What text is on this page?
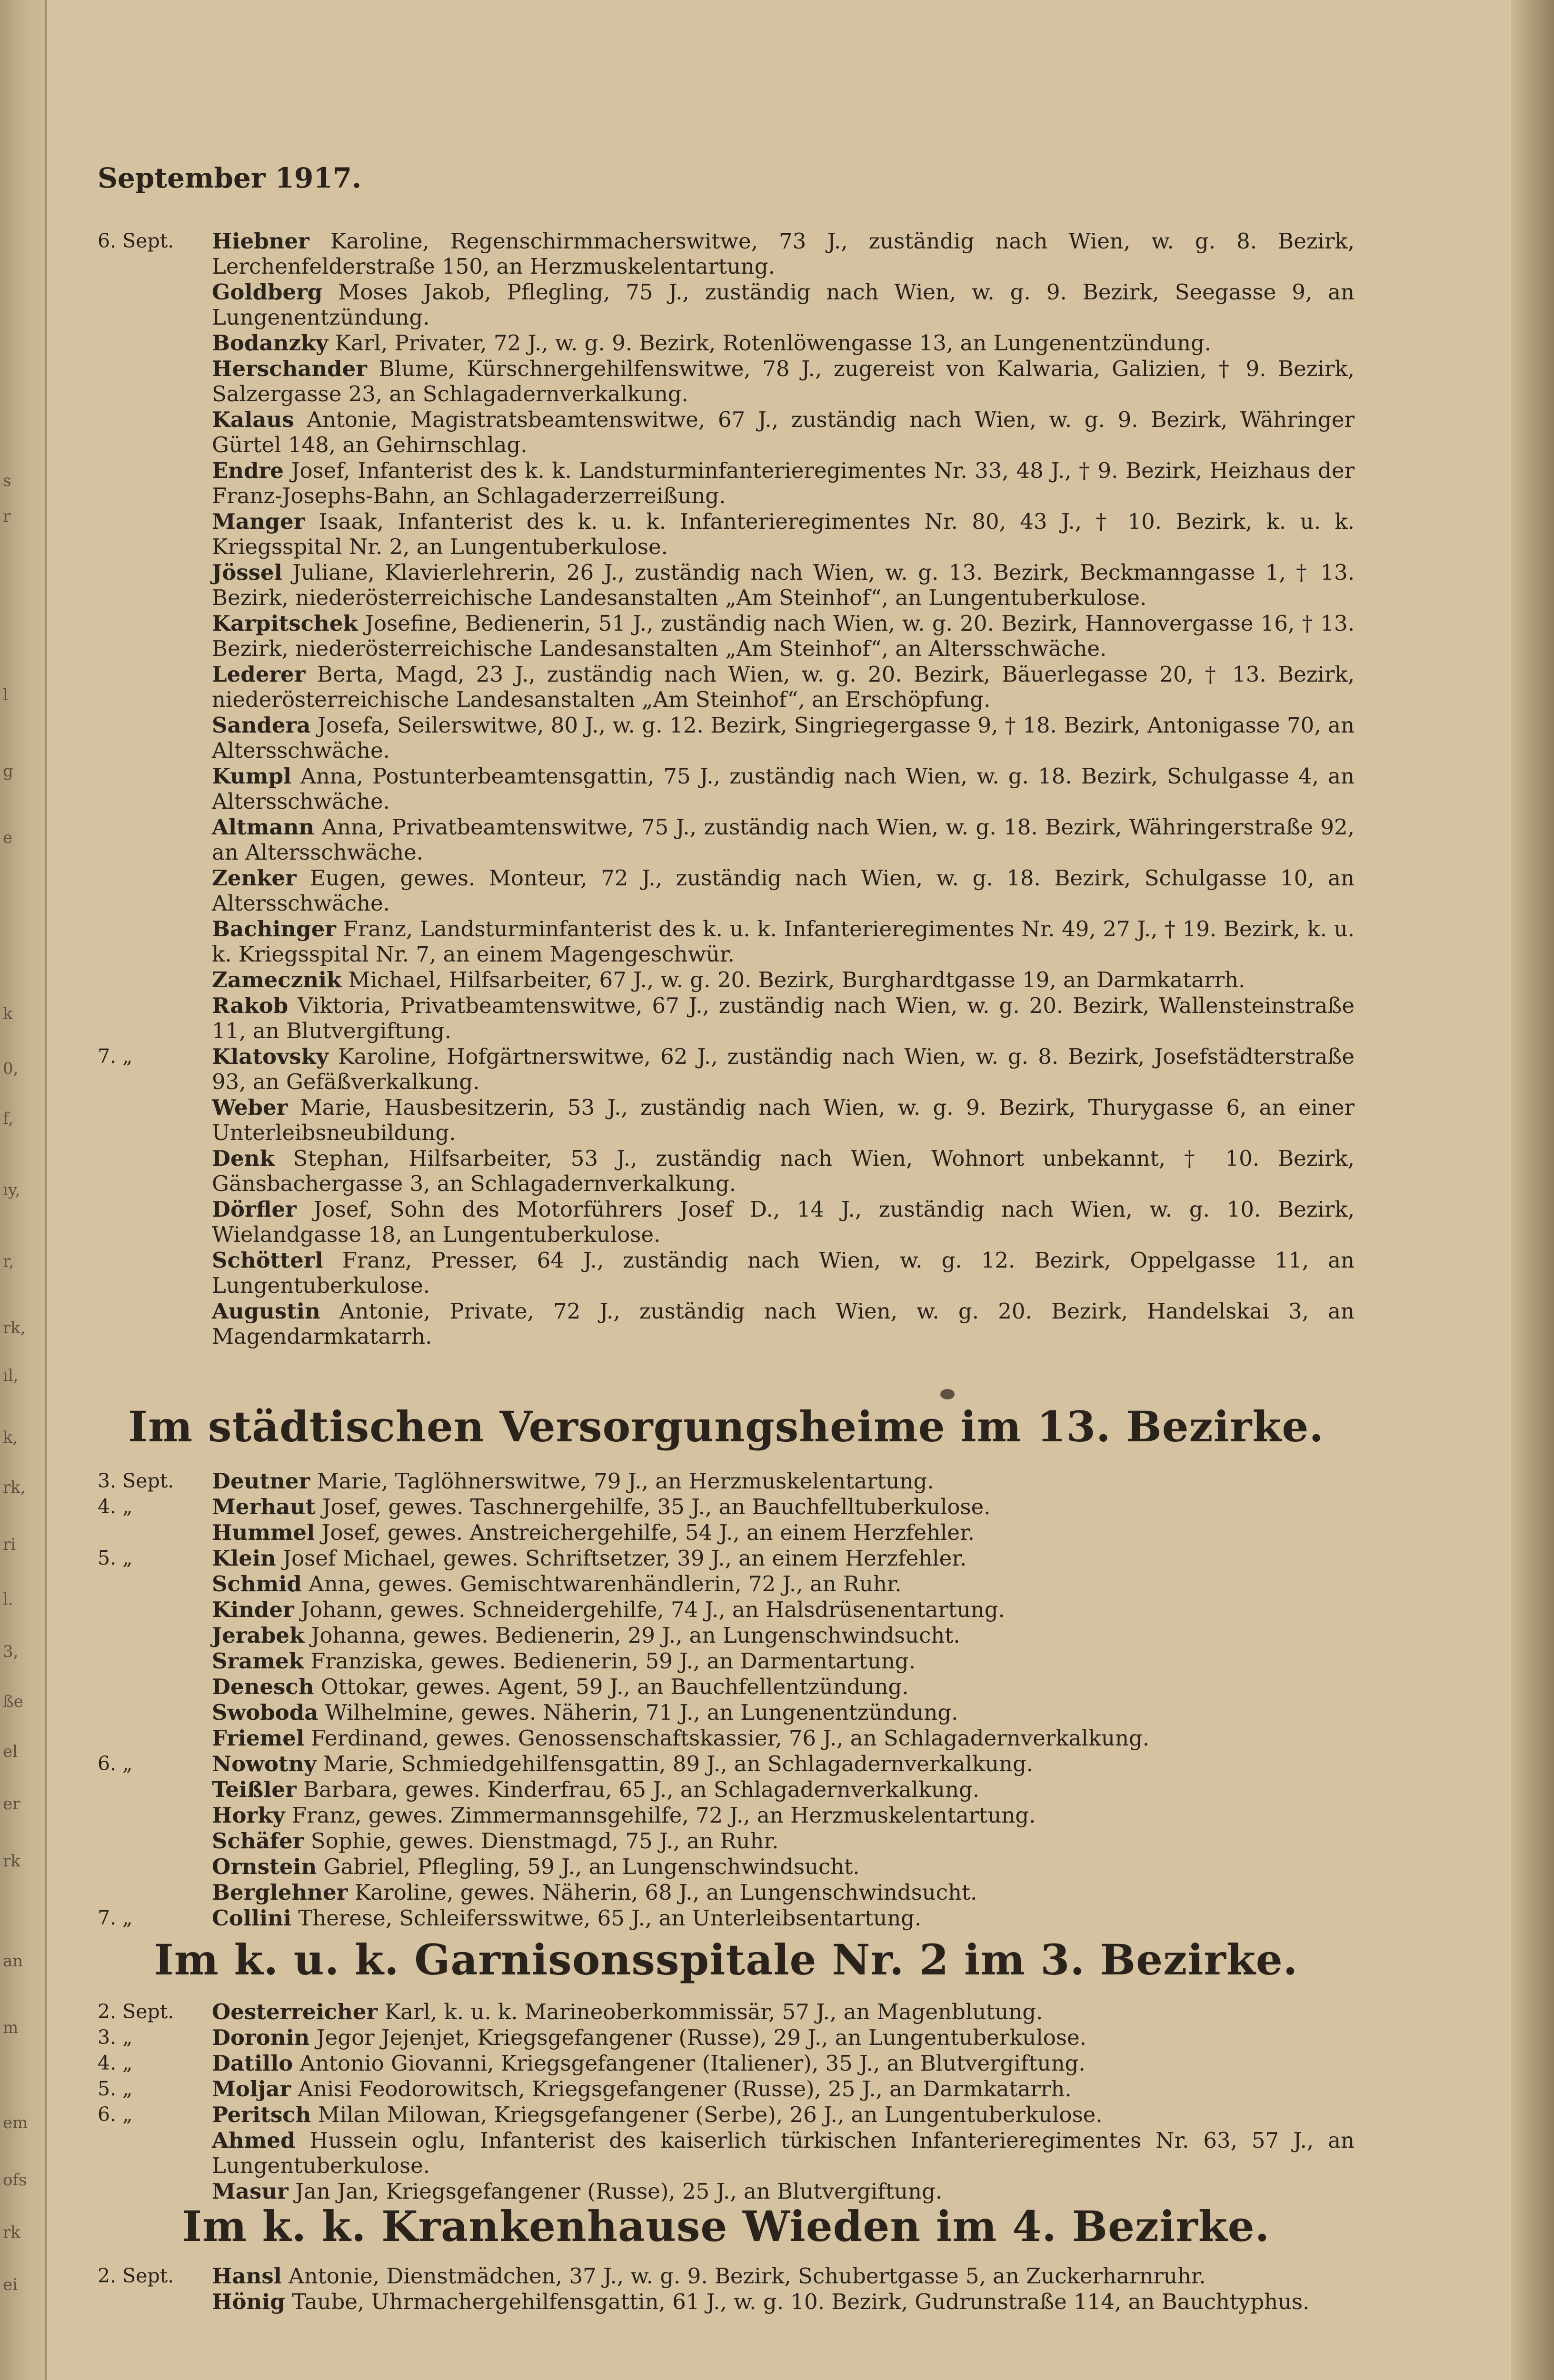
s
r
l
g
e
k
0,
f,
ıy,
r,
rk,
ıl,
k,
rk,
ri
l.
3,
ße
el
er
rk
an
m
em
ofs
rk
ei
September 1917.
6. Sept.	Hiebner Karoline, Regenschirmmacherswitwe, 73 J., zuständig nach Wien, w. g. 8. Bezirk, Lerchenfelderstraße 150, an Herzmuskelentartung.
Goldberg Moses Jakob, Pflegling, 75 J., zuständig nach Wien, w. g. 9. Bezirk, Seegasse 9, an Lungenentzündung.
Bodanzky Karl, Privater, 72 J., w. g. 9. Bezirk, Rotenlöwengasse 13, an Lungenentzündung.
Herschander Blume, Kürschnergehilfenswitwe, 78 J., zugereist von Kalwaria, Galizien, † 9. Bezirk, Salzergasse 23, an Schlagadernverkalkung.
Kalaus Antonie, Magistratsbeamtenswitwe, 67 J., zuständig nach Wien, w. g. 9. Bezirk, Währinger Gürtel 148, an Gehirnschlag.
Endre Josef, Infanterist des k. k. Landsturminfanterieregimentes Nr. 33, 48 J., † 9. Bezirk, Heizhaus der Franz-Josephs-Bahn, an Schlagaderzerreißung.
Manger Isaak, Infanterist des k. u. k. Infanterieregimentes Nr. 80, 43 J., † 10. Bezirk, k. u. k. Kriegsspital Nr. 2, an Lungentuberkulose.
Jössel Juliane, Klavierlehrerin, 26 J., zuständig nach Wien, w. g. 13. Bezirk, Beckmanngasse 1, † 13. Bezirk, niederösterreichische Landesanstalten „Am Steinhof“, an Lungentuberkulose.
Karpitschek Josefine, Bedienerin, 51 J., zuständig nach Wien, w. g. 20. Bezirk, Hannovergasse 16, † 13. Bezirk, niederösterreichische Landesanstalten „Am Steinhof“, an Altersschwäche.
Lederer Berta, Magd, 23 J., zuständig nach Wien, w. g. 20. Bezirk, Bäuerlegasse 20, † 13. Bezirk, niederösterreichische Landesanstalten „Am Steinhof“, an Erschöpfung.
Sandera Josefa, Seilerswitwe, 80 J., w. g. 12. Bezirk, Singriegergasse 9, † 18. Bezirk, Antonigasse 70, an Altersschwäche.
Kumpl Anna, Postunterbeamtensgattin, 75 J., zuständig nach Wien, w. g. 18. Bezirk, Schulgasse 4, an Altersschwäche.
Altmann Anna, Privatbeamtenswitwe, 75 J., zuständig nach Wien, w. g. 18. Bezirk, Währingerstraße 92, an Altersschwäche.
Zenker Eugen, gewes. Monteur, 72 J., zuständig nach Wien, w. g. 18. Bezirk, Schulgasse 10, an Altersschwäche.
Bachinger Franz, Landsturminfanterist des k. u. k. Infanterieregimentes Nr. 49, 27 J., † 19. Bezirk, k. u. k. Kriegsspital Nr. 7, an einem Magengeschwür.
Zamecznik Michael, Hilfsarbeiter, 67 J., w. g. 20. Bezirk, Burghardtgasse 19, an Darmkatarrh.
Rakob Viktoria, Privatbeamtenswitwe, 67 J., zuständig nach Wien, w. g. 20. Bezirk, Wallensteinstraße 11, an Blutvergiftung.
7. „	Klatovsky Karoline, Hofgärtnerswitwe, 62 J., zuständig nach Wien, w. g. 8. Bezirk, Josefstädterstraße 93, an Gefäßverkalkung.
Weber Marie, Hausbesitzerin, 53 J., zuständig nach Wien, w. g. 9. Bezirk, Thurygasse 6, an einer Unterleibsneubildung.
Denk Stephan, Hilfsarbeiter, 53 J., zuständig nach Wien, Wohnort unbekannt, † 10. Bezirk, Gänsbachergasse 3, an Schlagadernverkalkung.
Dörfler Josef, Sohn des Motorführers Josef D., 14 J., zuständig nach Wien, w. g. 10. Bezirk, Wielandgasse 18, an Lungentuberkulose.
Schötterl Franz, Presser, 64 J., zuständig nach Wien, w. g. 12. Bezirk, Oppelgasse 11, an Lungentuberkulose.
Augustin Antonie, Private, 72 J., zuständig nach Wien, w. g. 20. Bezirk, Handelskai 3, an Magendarmkatarrh.
Im städtischen Versorgungsheime im 13. Bezirke.
3. Sept.	Deutner Marie, Taglöhnerswitwe, 79 J., an Herzmuskelentartung.
4. „	Merhaut Josef, gewes. Taschnergehilfe, 35 J., an Bauchfelltuberkulose.
Hummel Josef, gewes. Anstreichergehilfe, 54 J., an einem Herzfehler.
5. „	Klein Josef Michael, gewes. Schriftsetzer, 39 J., an einem Herzfehler.
Schmid Anna, gewes. Gemischtwarenhändlerin, 72 J., an Ruhr.
Kinder Johann, gewes. Schneidergehilfe, 74 J., an Halsdrüsenentartung.
Jerabek Johanna, gewes. Bedienerin, 29 J., an Lungenschwindsucht.
Sramek Franziska, gewes. Bedienerin, 59 J., an Darmentartung.
Denesch Ottokar, gewes. Agent, 59 J., an Bauchfellentzündung.
Swoboda Wilhelmine, gewes. Näherin, 71 J., an Lungenentzündung.
Friemel Ferdinand, gewes. Genossenschaftskassier, 76 J., an Schlagadernverkalkung.
6. „	Nowotny Marie, Schmiedgehilfensgattin, 89 J., an Schlagadernverkalkung.
Teißler Barbara, gewes. Kinderfrau, 65 J., an Schlagadernverkalkung.
Horky Franz, gewes. Zimmermannsgehilfe, 72 J., an Herzmuskelentartung.
Schäfer Sophie, gewes. Dienstmagd, 75 J., an Ruhr.
Ornstein Gabriel, Pflegling, 59 J., an Lungenschwindsucht.
Berglehner Karoline, gewes. Näherin, 68 J., an Lungenschwindsucht.
7. „	Collini Therese, Schleifersswitwe, 65 J., an Unterleibsentartung.
Im k. u. k. Garnisonsspitale Nr. 2 im 3. Bezirke.
2. Sept.	Oesterreicher Karl, k. u. k. Marineoberkommissär, 57 J., an Magenblutung.
3. „	Doronin Jegor Jejenjet, Kriegsgefangener (Russe), 29 J., an Lungentuberkulose.
4. „	Datillo Antonio Giovanni, Kriegsgefangener (Italiener), 35 J., an Blutvergiftung.
5. „	Moljar Anisi Feodorowitsch, Kriegsgefangener (Russe), 25 J., an Darmkatarrh.
6. „	Peritsch Milan Milowan, Kriegsgefangener (Serbe), 26 J., an Lungentuberkulose.
Ahmed Hussein oglu, Infanterist des kaiserlich türkischen Infanterieregimentes Nr. 63, 57 J., an Lungentuberkulose.
Masur Jan Jan, Kriegsgefangener (Russe), 25 J., an Blutvergiftung.
Im k. k. Krankenhause Wieden im 4. Bezirke.
2. Sept.	Hansl Antonie, Dienstmädchen, 37 J., w. g. 9. Bezirk, Schubertgasse 5, an Zuckerharnruhr.
Hönig Taube, Uhrmachergehilfensgattin, 61 J., w. g. 10. Bezirk, Gudrunstraße 114, an Bauchtyphus.
